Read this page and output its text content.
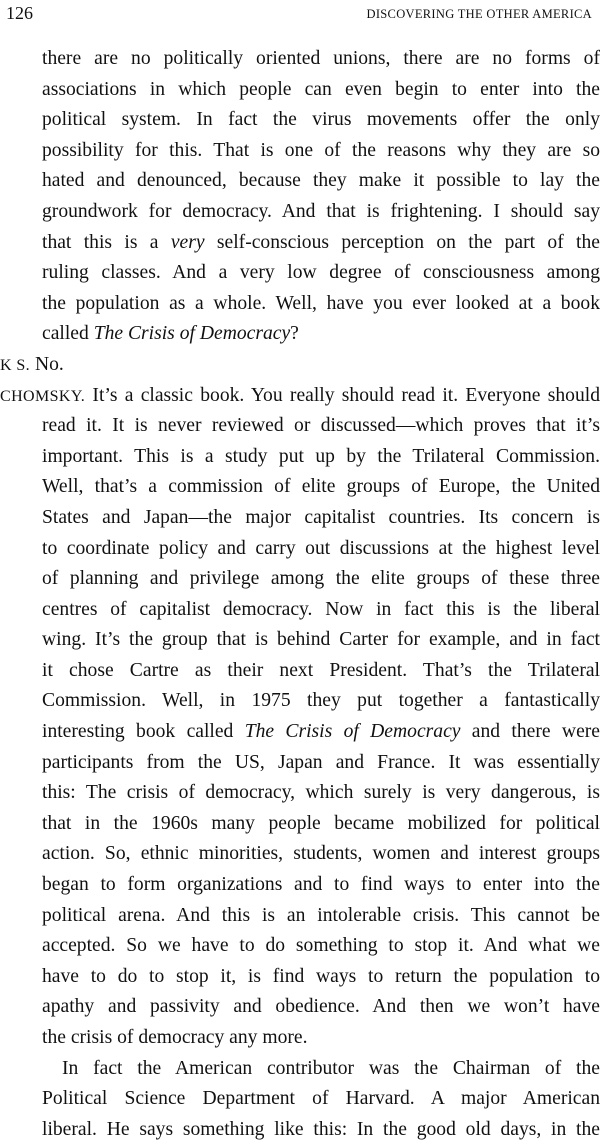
126	DISCOVERING THE OTHER AMERICA
there are no politically oriented unions, there are no forms of
associations in which people can even begin to enter into the
political system. In fact the virus movements offer the only
possibility for this. That is one of the reasons why they are so
hated and denounced, because they make it possible to lay the
groundwork for democracy. And that is frightening. I should say
that this is a very self-conscious perception on the part of the
ruling classes. And a very low degree of consciousness among
the population as a whole. Well, have you ever looked at a book
called The Crisis of Democracy?
K S. No.
CHOMSKY. It’s a classic book. You really should read it. Everyone should
read it. It is never reviewed or discussed—which proves that it’s
important. This is a study put up by the Trilateral Commission.
Well, that’s a commission of elite groups of Europe, the United
States and Japan—the major capitalist countries. Its concern is
to coordinate policy and carry out discussions at the highest level
of planning and privilege among the elite groups of these three
centres of capitalist democracy. Now in fact this is the liberal
wing. It’s the group that is behind Carter for example, and in fact
it chose Cartre as their next President. That’s the Trilateral
Commission. Well, in 1975 they put together a fantastically
interesting book called The Crisis of Democracy and there were
participants from the US, Japan and France. It was essentially
this: The crisis of democracy, which surely is very dangerous, is
that in the 1960s many people became mobilized for political
action. So, ethnic minorities, students, women and interest groups
began to form organizations and to find ways to enter into the
political arena. And this is an intolerable crisis. This cannot be
accepted. So we have to do something to stop it. And what we
have to do to stop it, is find ways to return the population to
apathy and passivity and obedience. And then we won’t have
the crisis of democracy any more.
In fact the American contributor was the Chairman of the
Political Science Department of Harvard. A major American
liberal. He says something like this: In the good old days, in the
